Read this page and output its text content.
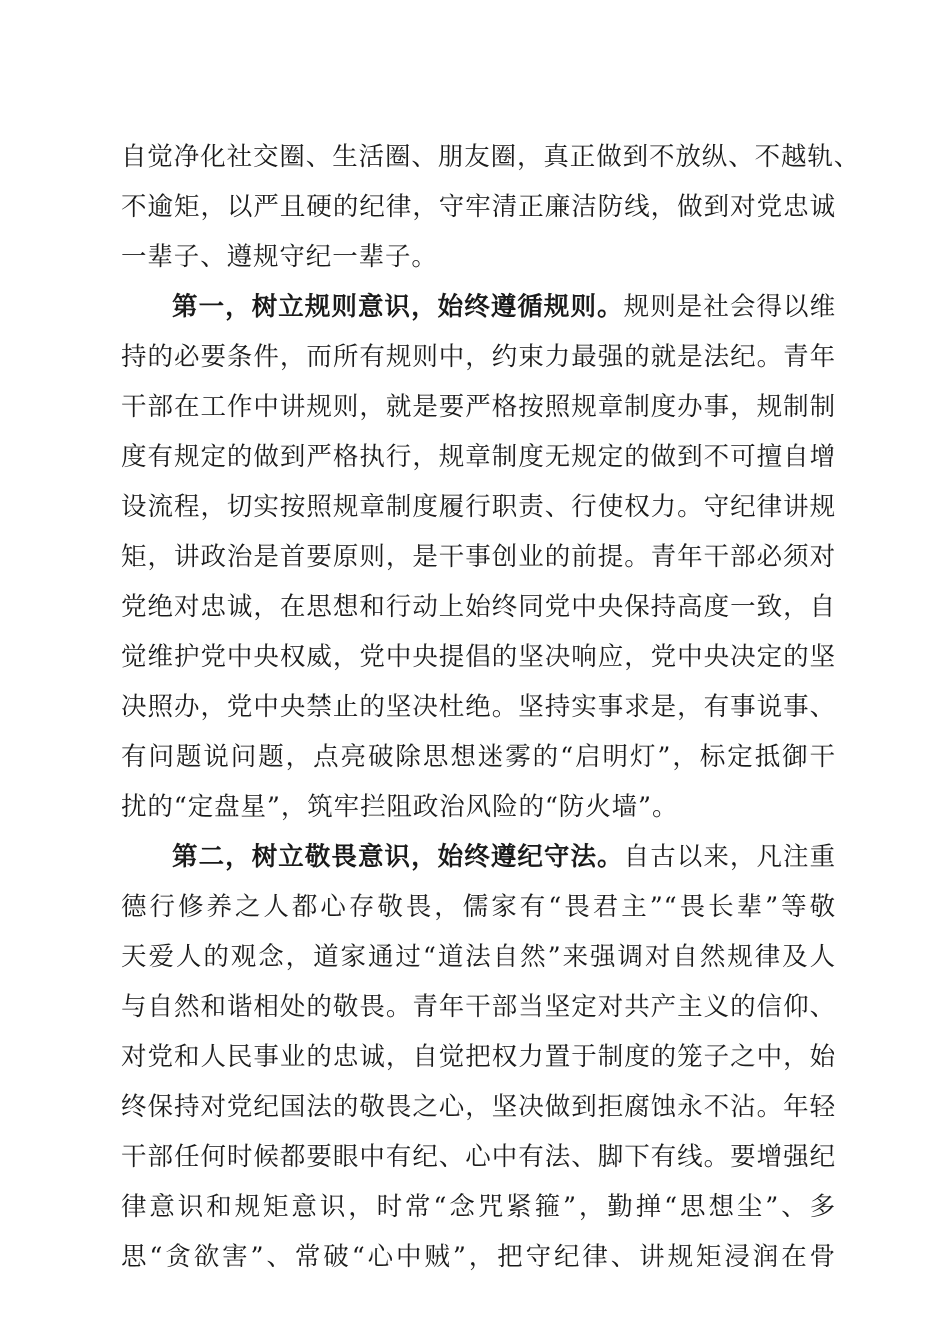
自觉净化社交圈、生活圈、朋友圈，真正做到不放纵、不越轨、
不逾矩，以严且硬的纪律，守牢清正廉洁防线，做到对党忠诚
一辈子、遵规守纪一辈子。
第一，树立规则意识，始终遵循规则。规则是社会得以维
持的必要条件，而所有规则中，约束力最强的就是法纪。青年
干部在工作中讲规则，就是要严格按照规章制度办事，规制制
度有规定的做到严格执行，规章制度无规定的做到不可擅自增
设流程，切实按照规章制度履行职责、行使权力。守纪律讲规
矩，讲政治是首要原则，是干事创业的前提。青年干部必须对
党绝对忠诚，在思想和行动上始终同党中央保持高度一致，自
觉维护党中央权威，党中央提倡的坚决响应，党中央决定的坚
决照办，党中央禁止的坚决杜绝。坚持实事求是，有事说事、
有问题说问题，点亮破除思想迷雾的“启明灯”，标定抵御干
扰的“定盘星”，筑牢拦阻政治风险的“防火墙”。
第二，树立敬畏意识，始终遵纪守法。自古以来，凡注重
德行修养之人都心存敬畏，儒家有“畏君主”“畏长辈”等敬
天爱人的观念，道家通过“道法自然”来强调对自然规律及人
与自然和谐相处的敬畏。青年干部当坚定对共产主义的信仰、
对党和人民事业的忠诚，自觉把权力置于制度的笼子之中，始
终保持对党纪国法的敬畏之心，坚决做到拒腐蚀永不沾。年轻
干部任何时候都要眼中有纪、心中有法、脚下有线。要增强纪
律意识和规矩意识，时常“念咒紧箍”，勤掸“思想尘”、多
思“贪欲害”、常破“心中贼”，把守纪律、讲规矩浸润在骨
